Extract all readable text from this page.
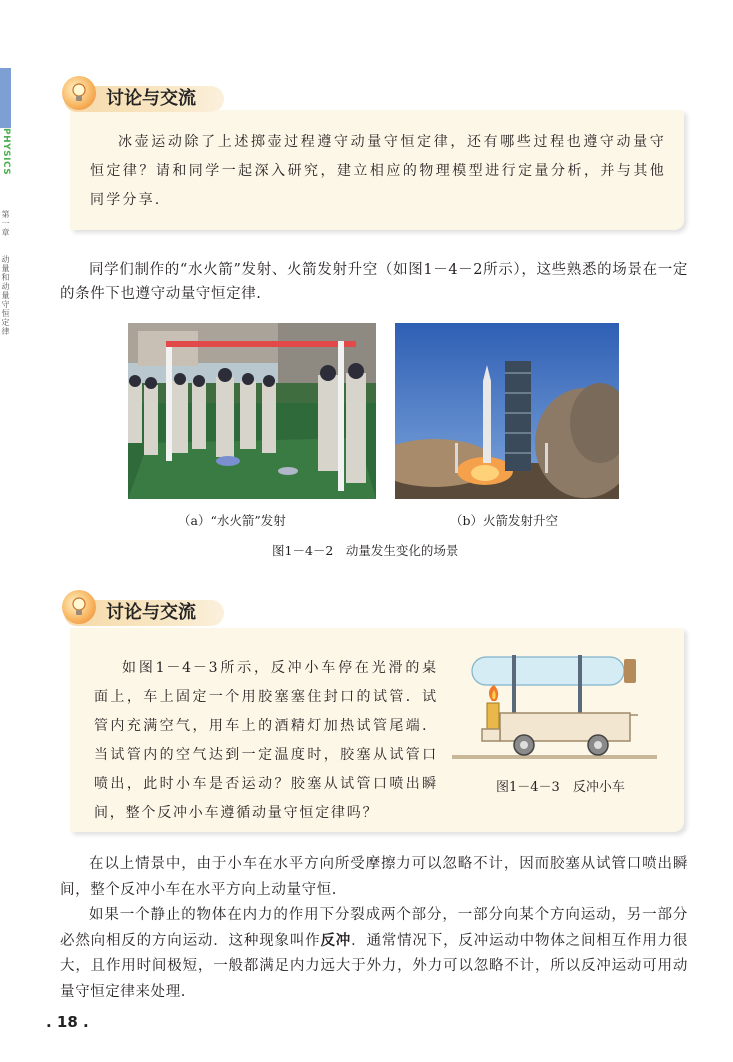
PHYSICS
第一章
动量和动量守恒定律
讨论与交流
冰壶运动除了上述掷壶过程遵守动量守恒定律，还有哪些过程也遵守动量守恒定律？请和同学一起深入研究，建立相应的物理模型进行定量分析，并与其他同学分享.

同学们制作的“水火箭”发射、火箭发射升空（如图1－4－2所示），这些熟悉的场景在一定的条件下也遵守动量守恒定律.

（a）“水火箭”发射	（b）火箭发射升空
图1－4－2　动量发生变化的场景
讨论与交流
如图1－4－3所示，反冲小车停在光滑的桌面上，车上固定一个用胶塞塞住封口的试管．试管内充满空气，用车上的酒精灯加热试管尾端．当试管内的空气达到一定温度时，胶塞从试管口喷出，此时小车是否运动？胶塞从试管口喷出瞬间，整个反冲小车遵循动量守恒定律吗？
图1－4－3　反冲小车

在以上情景中，由于小车在水平方向所受摩擦力可以忽略不计，因而胶塞从试管口喷出瞬间，整个反冲小车在水平方向上动量守恒.

如果一个静止的物体在内力的作用下分裂成两个部分，一部分向某个方向运动，另一部分必然向相反的方向运动．这种现象叫作反冲．通常情况下，反冲运动中物体之间相互作用力很大，且作用时间极短，一般都满足内力远大于外力，外力可以忽略不计，所以反冲运动可用动量守恒定律来处理.

. 18 .
